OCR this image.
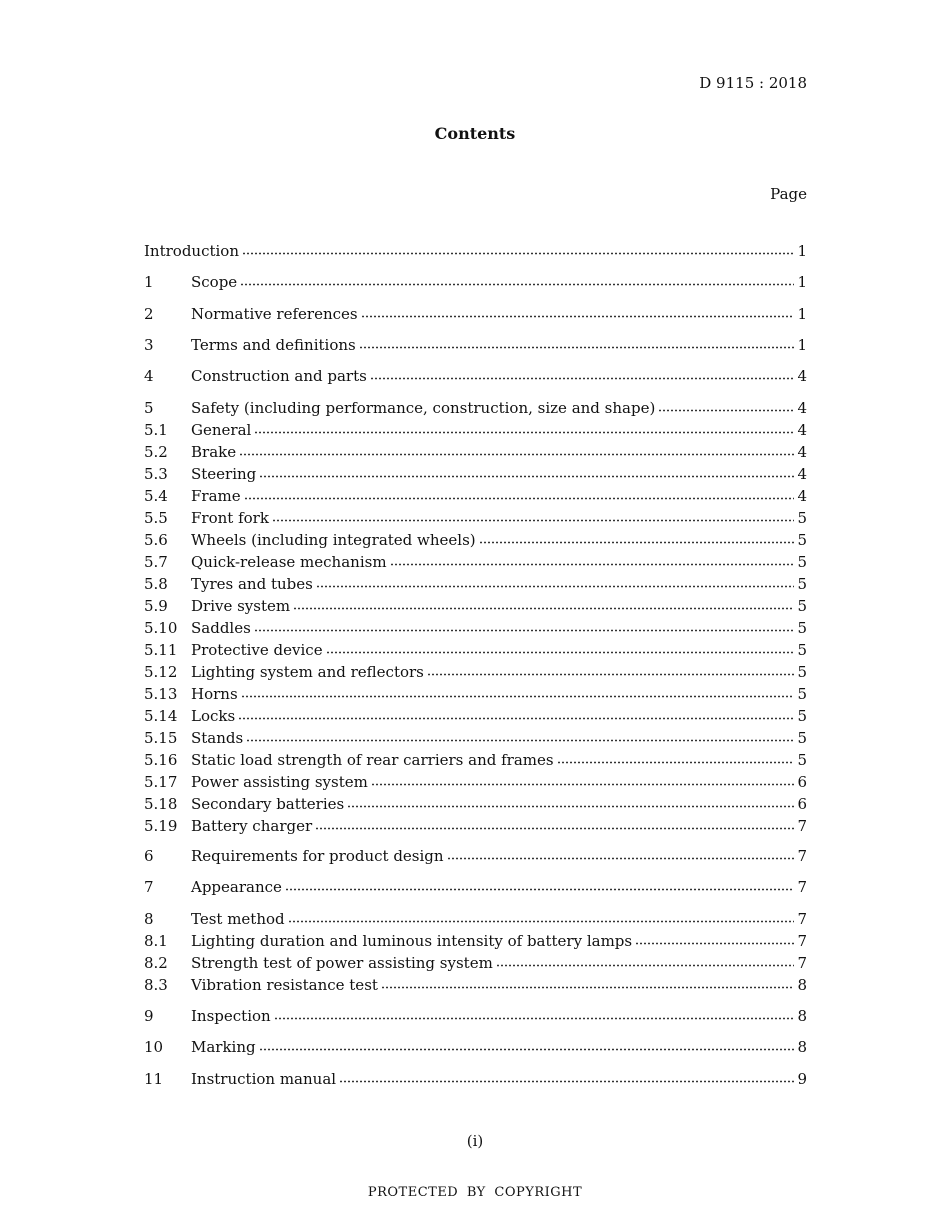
D 9115 : 2018
Contents
Page
Introduction	1
1	Scope	1
2	Normative references	1
3	Terms and definitions	1
4	Construction and parts	4
5	Safety (including performance, construction, size and shape)	4
5.1	General	4
5.2	Brake	4
5.3	Steering	4
5.4	Frame	4
5.5	Front fork	5
5.6	Wheels (including integrated wheels)	5
5.7	Quick-release mechanism	5
5.8	Tyres and tubes	5
5.9	Drive system	5
5.10 Saddles	5
5.11 Protective device	5
5.12 Lighting system and reflectors	5
5.13 Horns	5
5.14 Locks	5
5.15 Stands	5
5.16 Static load strength of rear carriers and frames	5
5.17 Power assisting system	6
5.18 Secondary batteries	6
5.19 Battery charger	7
6	Requirements for product design	7
7	Appearance	7
8	Test method	7
8.1	Lighting duration and luminous intensity of battery lamps	7
8.2	Strength test of power assisting system	7
8.3	Vibration resistance test	8
9	Inspection	8
10	Marking	8
11	Instruction manual	9
(i)
PROTECTED BY COPYRIGHT
